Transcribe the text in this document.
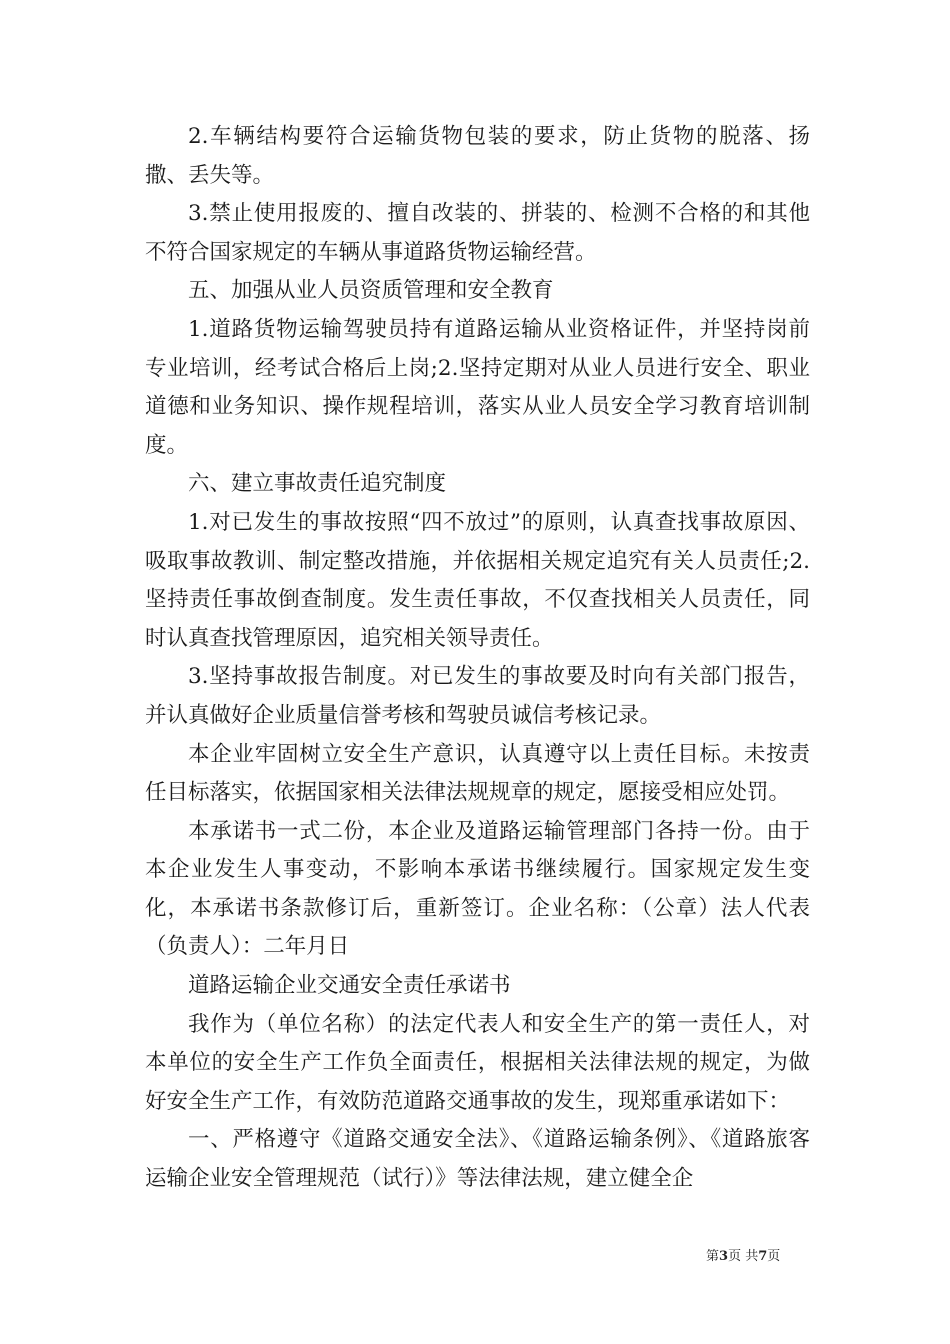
2.车辆结构要符合运输货物包装的要求，防止货物的脱落、扬撒、丢失等。

3.禁止使用报废的、擅自改装的、拼装的、检测不合格的和其他不符合国家规定的车辆从事道路货物运输经营。

五、加强从业人员资质管理和安全教育

1.道路货物运输驾驶员持有道路运输从业资格证件，并坚持岗前专业培训，经考试合格后上岗;2.坚持定期对从业人员进行安全、职业道德和业务知识、操作规程培训，落实从业人员安全学习教育培训制度。

六、建立事故责任追究制度

1.对已发生的事故按照“四不放过”的原则，认真查找事故原因、吸取事故教训、制定整改措施，并依据相关规定追究有关人员责任;2.坚持责任事故倒查制度。发生责任事故，不仅查找相关人员责任，同时认真查找管理原因，追究相关领导责任。

3.坚持事故报告制度。对已发生的事故要及时向有关部门报告，并认真做好企业质量信誉考核和驾驶员诚信考核记录。

本企业牢固树立安全生产意识，认真遵守以上责任目标。未按责任目标落实，依据国家相关法律法规规章的规定，愿接受相应处罚。

本承诺书一式二份，本企业及道路运输管理部门各持一份。由于本企业发生人事变动，不影响本承诺书继续履行。国家规定发生变化，本承诺书条款修订后，重新签订。企业名称：（公章）法人代表（负责人）：二年月日

道路运输企业交通安全责任承诺书

我作为（单位名称）的法定代表人和安全生产的第一责任人，对本单位的安全生产工作负全面责任，根据相关法律法规的规定，为做好安全生产工作，有效防范道路交通事故的发生，现郑重承诺如下：

一、严格遵守《道路交通安全法》、《道路运输条例》、《道路旅客运输企业安全管理规范（试行）》等法律法规，建立健全企

第3页 共7页
